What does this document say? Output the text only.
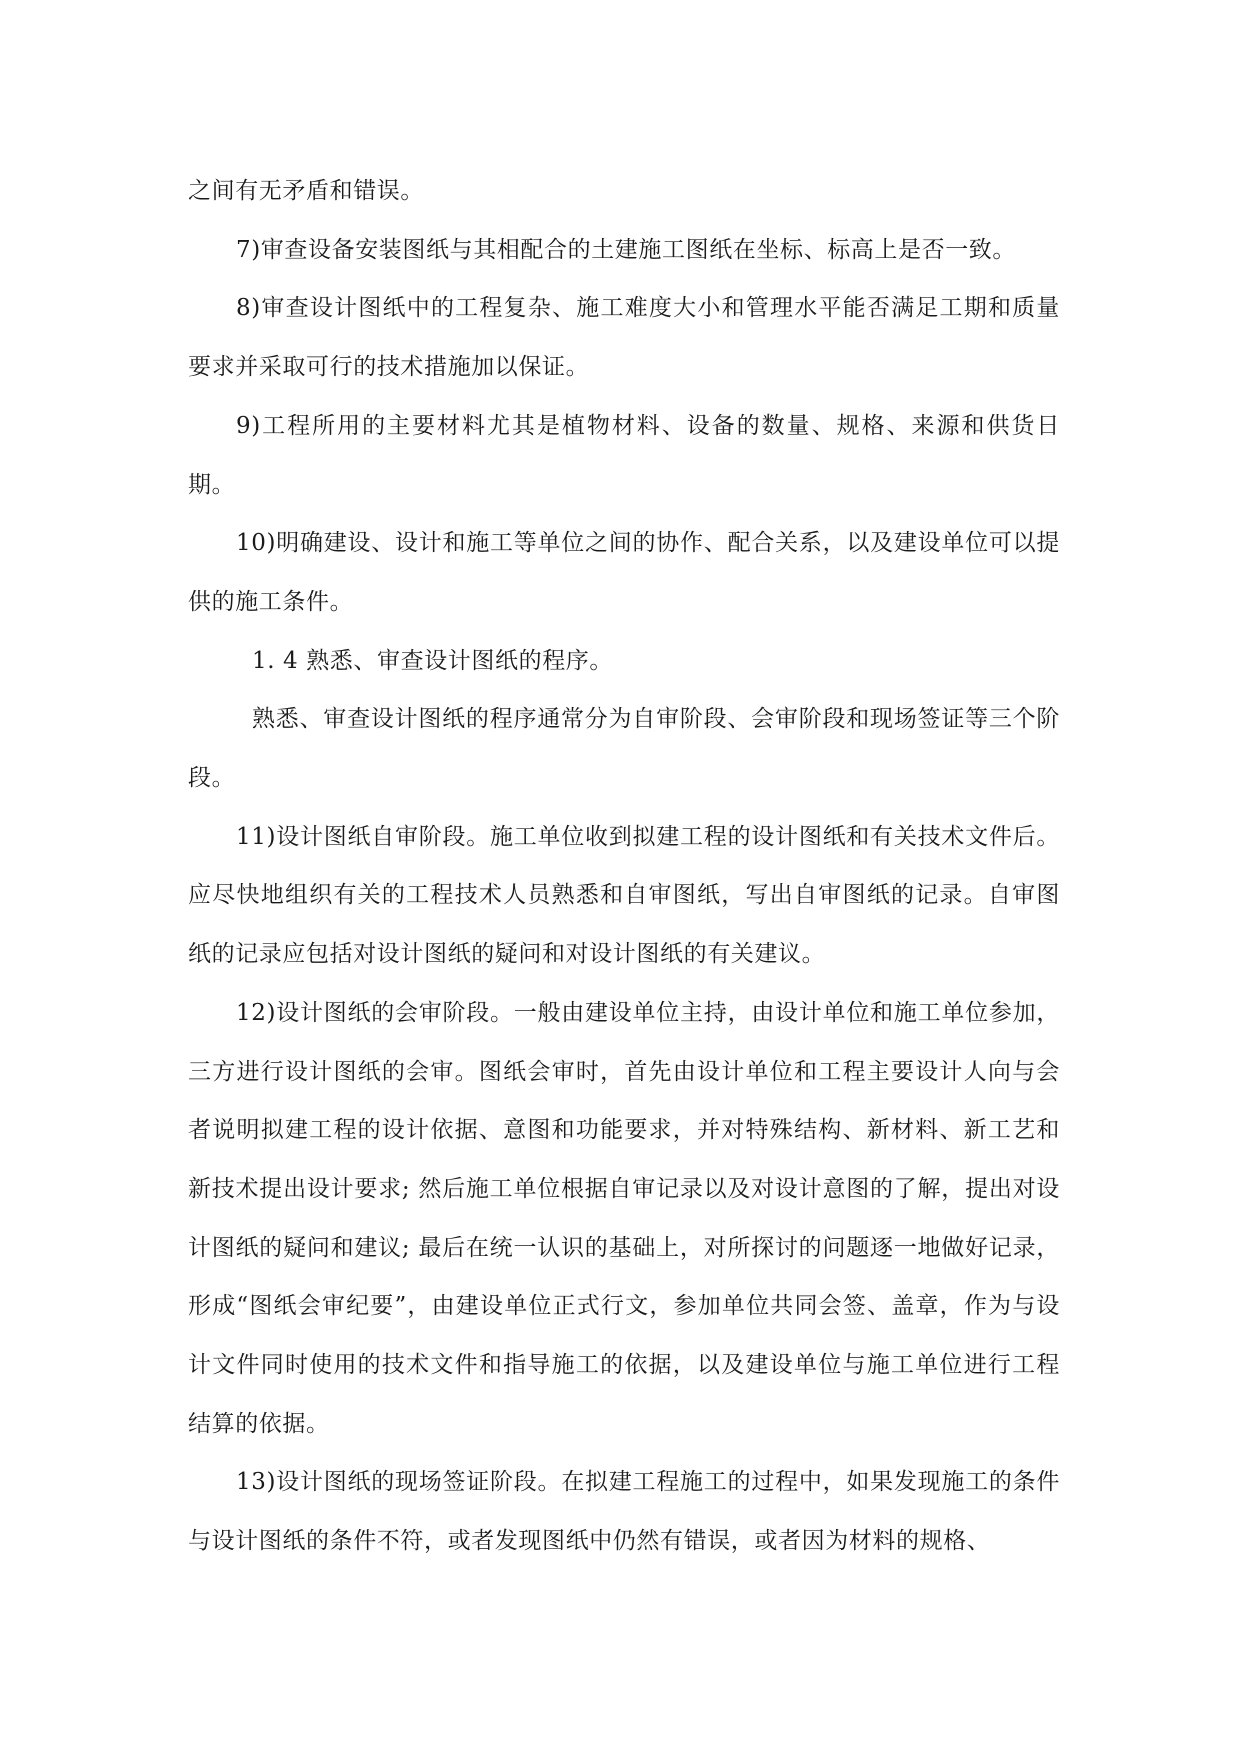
之间有无矛盾和错误。

7)审查设备安装图纸与其相配合的土建施工图纸在坐标、标高上是否一致。

8)审查设计图纸中的工程复杂、施工难度大小和管理水平能否满足工期和质量要求并采取可行的技术措施加以保证。

9)工程所用的主要材料尤其是植物材料、设备的数量、规格、来源和供货日期。

10)明确建设、设计和施工等单位之间的协作、配合关系，以及建设单位可以提供的施工条件。

1. 4 熟悉、审查设计图纸的程序。

熟悉、审查设计图纸的程序通常分为自审阶段、会审阶段和现场签证等三个阶段。

11)设计图纸自审阶段。施工单位收到拟建工程的设计图纸和有关技术文件后。应尽快地组织有关的工程技术人员熟悉和自审图纸，写出自审图纸的记录。自审图纸的记录应包括对设计图纸的疑问和对设计图纸的有关建议。

12)设计图纸的会审阶段。一般由建设单位主持，由设计单位和施工单位参加，三方进行设计图纸的会审。图纸会审时，首先由设计单位和工程主要设计人向与会者说明拟建工程的设计依据、意图和功能要求，并对特殊结构、新材料、新工艺和新技术提出设计要求; 然后施工单位根据自审记录以及对设计意图的了解，提出对设计图纸的疑问和建议; 最后在统一认识的基础上，对所探讨的问题逐一地做好记录，形成“图纸会审纪要”，由建设单位正式行文，参加单位共同会签、盖章，作为与设计文件同时使用的技术文件和指导施工的依据，以及建设单位与施工单位进行工程结算的依据。

13)设计图纸的现场签证阶段。在拟建工程施工的过程中，如果发现施工的条件与设计图纸的条件不符，或者发现图纸中仍然有错误，或者因为材料的规格、
